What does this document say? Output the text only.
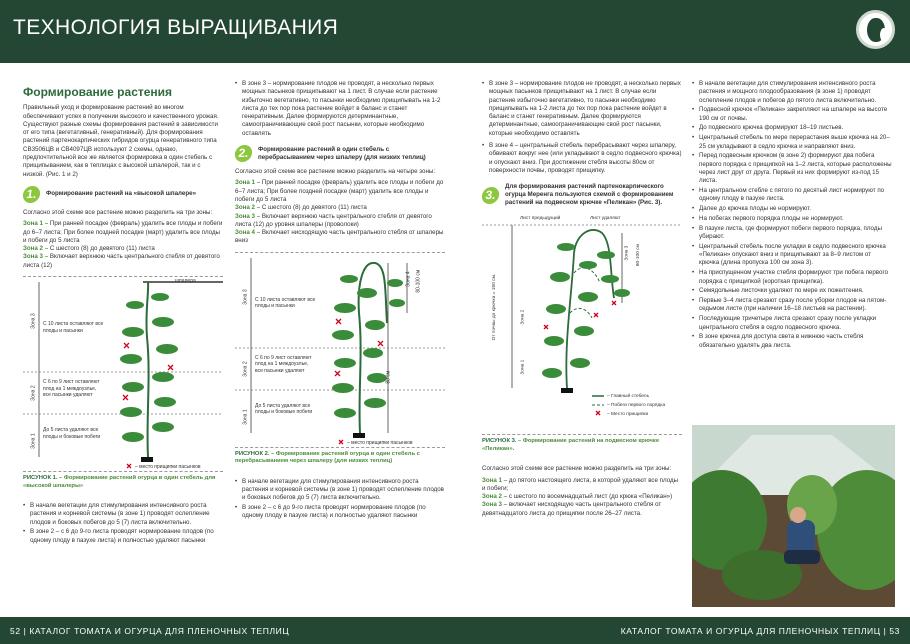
ТЕХНОЛОГИЯ ВЫРАЩИВАНИЯ
Формирование растения

Правильный уход и формирование растений во многом обеспечивают успех в получении высокого и качественного урожая. Существуют разные схемы формирования растений в зависимости от его типа (вегетативный, генеративный). Для формирования растений партенокарпических гибридов огурца генеративного типа СВ3506ЦВ и СВ4097ЦВ используют 2 схемы, однако, предпочтительной все же является формировка в один стебель с прищипыванием, как в теплицах с высокой шпалерой, так и с низкой. (Рис. 1 и 2)

1.	Формирование растений на «высокой шпалере»

Согласно этой схеме все растение можно разделить на три зоны:

Зона 1 – При ранней посадке (февраль) удалить все плоды и побеги до 6–7 листа; При более поздней посадке (март) удалить все плоды и побеги до 5 листа
Зона 2 – С шестого (8) до девятого (11) листа
Зона 3 – Включает верхнюю часть центрального стебля от девятого листа (12)
шпалера
Зона 3
Зона 2
Зона 1
С 10 листа оставляют все плоды и пасынки
С 6 по 9 лист оставляют плод на 1 междоузлье, все пасынки удаляют
До 5 листа удаляют все плоды и боковые побеги
– место прищипки пасынков
РИСУНОК 1. – Формирование растений огурца в один стебель для «высокой шпалеры»
• В начале вегетации для стимулирования интенсивного роста растения и корневой системы (в зоне 1) проводят ослепление плодов и боковых побегов до 5 (7) листа включительно.
• В зоне 2 – с 6 до 9-го листа проводят нормирование плодов (по одному плоду в пазухе листа) и полностью удаляют пасынки
• В зоне 3 – нормирование плодов не проводят, а несколько первых мощных пасынков прищипывают на 1 лист. В случае если растение избыточно вегетативно, то пасынки необходимо прищипывать на 1-2 листа до тех пор пока растение войдет в баланс и станет генеративным. Далее формируются детерминантные, самоограничивающие свой рост пасынки, которые необходимо оставлять
2.	Формирование растений в один стебель с перебрасыванием через шпалеру (для низких теплиц)

Согласно этой схеме все растение можно разделить на четыре зоны:

Зона 1 – При ранней посадке (февраль) удалить все плоды и побеги до 6–7 листа; При более поздней посадке (март) удалить все плоды и побеги до 5 листа
Зона 2 – С шестого (8) до девятого (11) листа
Зона 3 – Включает верхнюю часть центрального стебля от девятого листа (12) до уровня шпалеры (проволоки)
Зона 4 – Включает нисходящую часть центрального стебля от шпалеры вниз
Зона 3
Зона 2
Зона 1
Зона 4 80-100 см
80 см
С 10 листа оставляют все плоды и пасынки
С 6 по 9 лист оставляют плод на 1 междоузлье, все пасынки удаляют
До 5 листа удаляют все плоды и боковые побеги
– место прищипки пасынков
РИСУНОК 2. – Формирование растений огурца в один стебель с перебрасыванием через шпалеру (для низких теплиц)
• В начале вегетации для стимулирования интенсивного роста растения и корневой системы (в зоне 1) проводят ослепление плодов и боковых побегов до 5 (7) листа включительно.
• В зоне 2 – с 6 до 9-го листа проводят нормирование плодов (по одному плоду в пазухе листа) и полностью удаляют пасынки
• В зоне 3 – нормирование плодов не проводят, а несколько первых мощных пасынков прищипывают на 1 лист. В случае если растение избыточно вегетативно, то пасынки необходимо прищипывать на 1-2 листа до тех пор пока растение войдет в баланс и станет генеративным. Далее формируются детерминантные, самоограничивающие свой рост пасынки, которые необходимо оставлять
• В зоне 4 – центральный стебель перебрасывают через шпалеру, обвивают вокруг нее (или укладывают в седло подвесного крючка) и опускают вниз. При достижении стебля высоты 80см от поверхности почвы, проводят прищипку.
3.
Для формирования растений партенокарпического огурца Меренга пользуются схемой с формированием растений на подвесном крючке «Пеликан» (Рис. 3).
Лист предыдущий	Лист удаляют
Зона 3	80-100 см
От почвы до крючка = 190 см.	Зона 2
Зона 1
– Главный стебель
– Побеги первого порядка
– Место прищипки
РИСУНОК 3. – Формирование растений на подвесном крючке «Пеликан».

Согласно этой схеме все растение можно разделить на три зоны:

Зона 1 – до пятого настоящего листа, в которой удаляют все плоды и побеги;
Зона 2 – с шестого по восемнадцатый лист (до крюка «Пеликан»)
Зона 3 – включает нисходящую часть центрального стебля от девятнадцатого листа до прищипки после 26–27 листа.
• В начале вегетации для стимулирования интенсивного роста растения и мощного плодообразования (в зоне 1) проводят ослепление плодов и побегов до пятого листа включительно.
• Подвесной крючок «Пеликан» закрепляют на шпалере на высоте 190 см от почвы.
• До подвесного крючка формируют 18–19 листьев.
• Центральный стебель по мере перерастания выше крючка на 20–25 см укладывают в седло крючка и направляют вниз.
• Перед подвесным крючком (в зоне 2) формируют два побега первого порядка с прищипкой на 1–2 листа, которые расположены через лист друг от друга. Первый из них формируют из-под 15 листа.
• На центральном стебле с пятого по десятый лист нормируют по одному плоду в пазухе листа.
• Далее до крючка плоды не нормируют.
• На побегах первого порядка плоды не нормируют.
• В пазухе листа, где формируют побеги первого порядка, плоды убирают.
• Центральный стебель после укладки в седло подвесного крючка «Пеликан» опускают вниз и прищипывают за 8–9 листом от крючка (длина пропуска 100 см зона 3).
• На приспущенном участке стебля формируют три побега первого порядка с прищипкой (короткая прищипка).
• Семядольные листочки удаляют по мере их пожелтения.
• Первые 3–4 листа срезают сразу после уборки плодов на пятом- седьмом листе (при наличии 16–18 листьев на растении).
• Последующие тричетыре листа срезают сразу после укладки центрального стебля в седло подвесного крючка.
• В зоне крючка для доступа света в нижнюю часть стебля обязательно удалять два листа.
52 | КАТАЛОГ ТОМАТА И ОГУРЦА ДЛЯ ПЛЕНОЧНЫХ ТЕПЛИЦ	КАТАЛОГ ТОМАТА И ОГУРЦА ДЛЯ ПЛЕНОЧНЫХ ТЕПЛИЦ | 53
